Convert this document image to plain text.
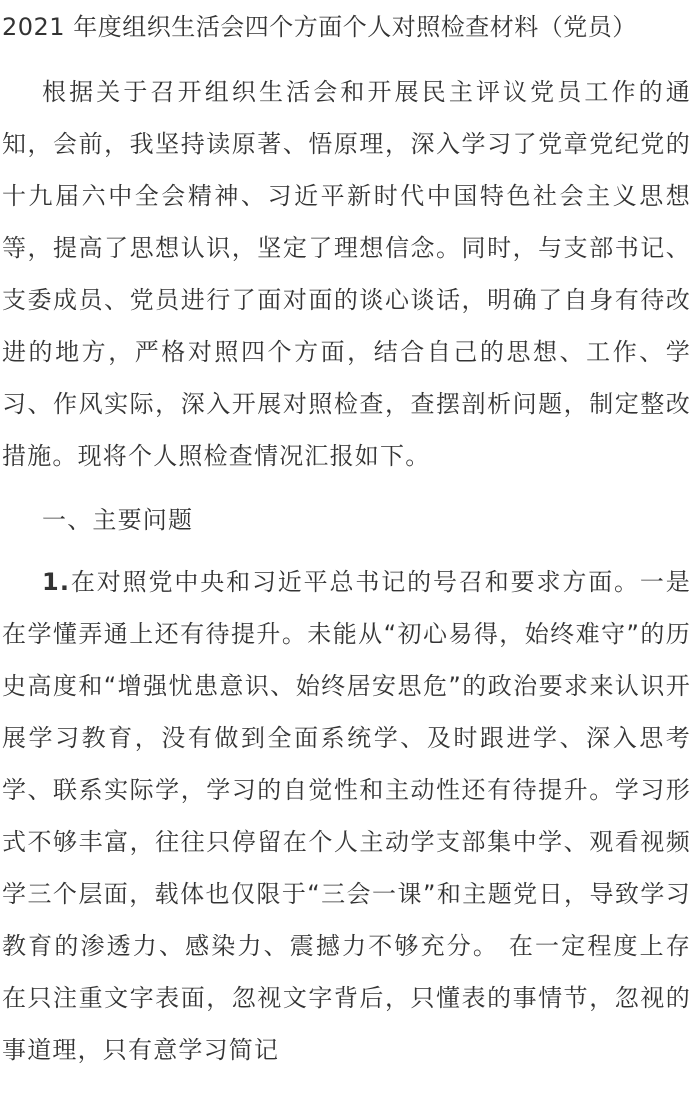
2021 年度组织生活会四个方面个人对照检查材料（党员）

根据关于召开组织生活会和开展民主评议党员工作的通知，会前，我坚持读原著、悟原理，深入学习了党章党纪党的十九届六中全会精神、习近平新时代中国特色社会主义思想等，提高了思想认识，坚定了理想信念。同时，与支部书记、支委成员、党员进行了面对面的谈心谈话，明确了自身有待改进的地方，严格对照四个方面，结合自己的思想、工作、学习、作风实际，深入开展对照检查，查摆剖析问题，制定整改措施。现将个人照检查情况汇报如下。

一、主要问题

1.在对照党中央和习近平总书记的号召和要求方面。一是在学懂弄通上还有待提升。未能从“初心易得，始终难守”的历史高度和“增强忧患意识、始终居安思危”的政治要求来认识开展学习教育，没有做到全面系统学、及时跟进学、深入思考学、联系实际学，学习的自觉性和主动性还有待提升。学习形式不够丰富，往往只停留在个人主动学支部集中学、观看视频学三个层面，载体也仅限于“三会一课”和主题党日，导致学习教育的渗透力、感染力、震撼力不够充分。 在一定程度上存在只注重文字表面，忽视文字背后，只懂表的事情节，忽视的事道理，只有意学习简记
